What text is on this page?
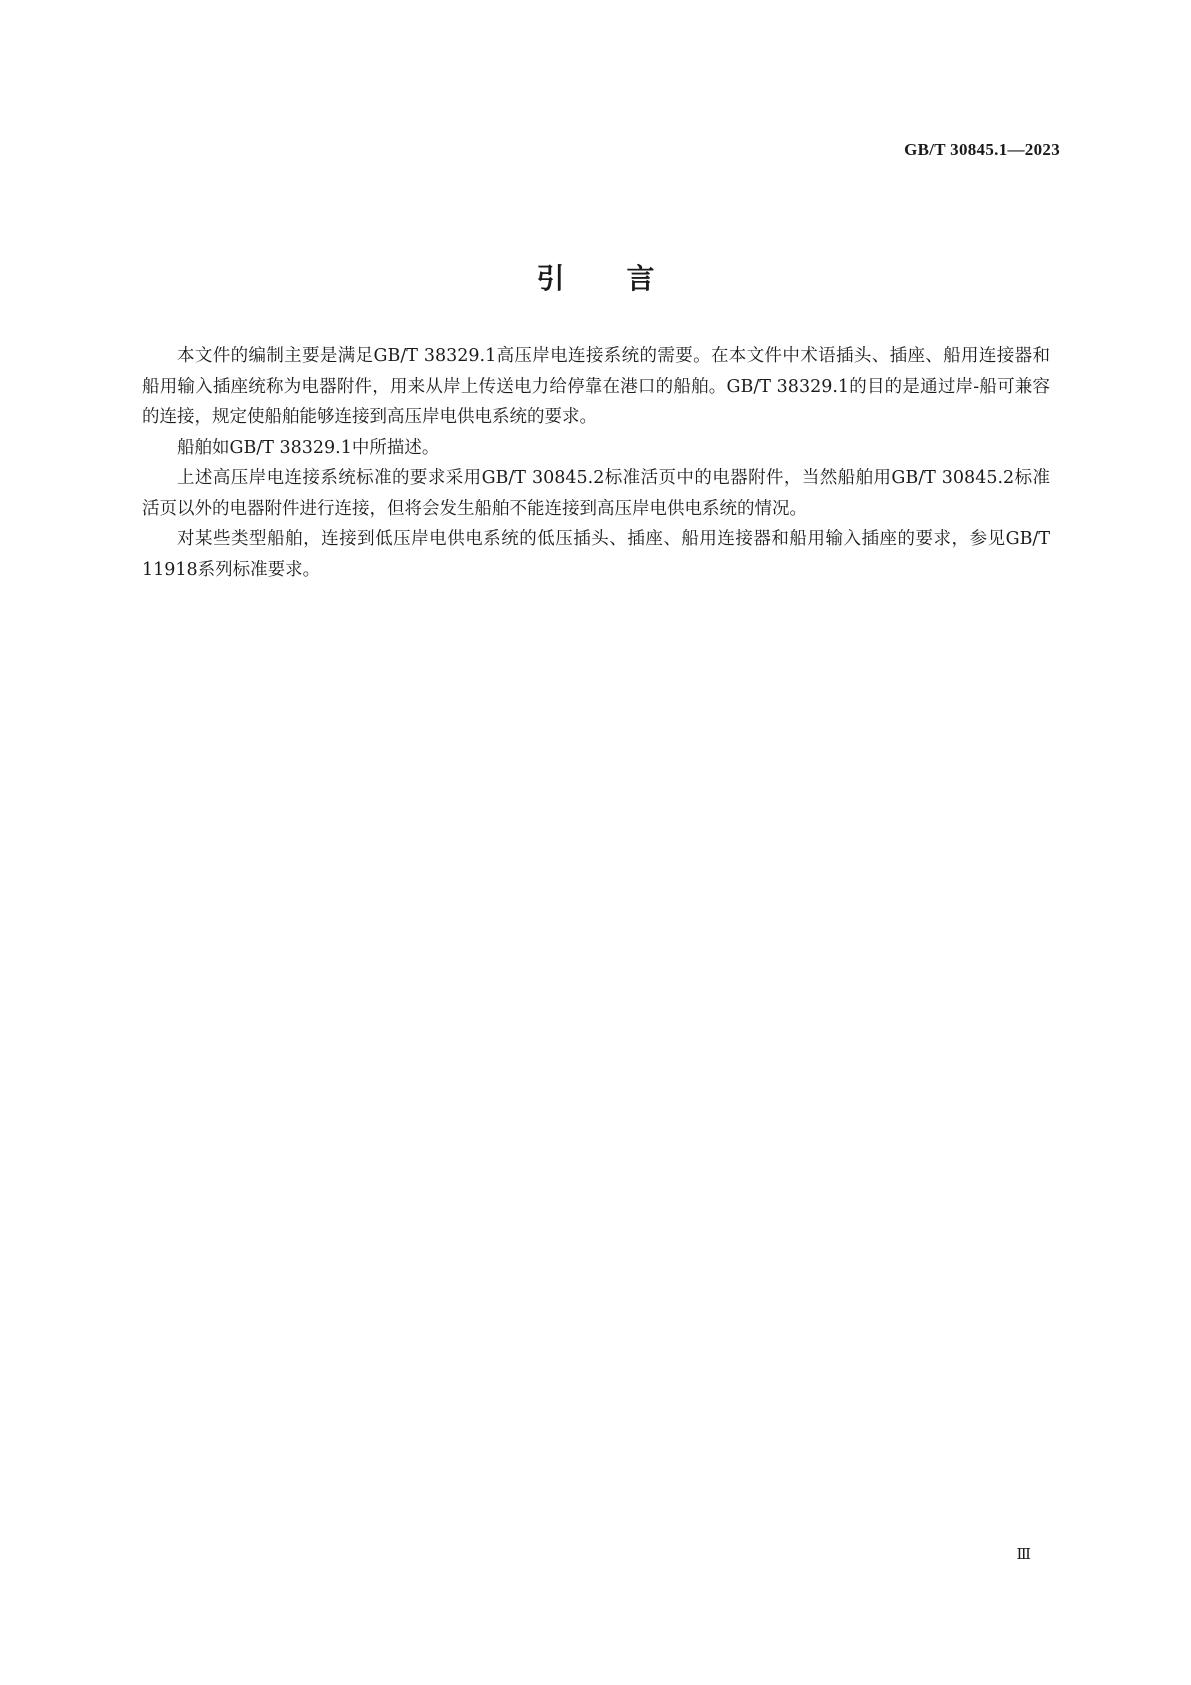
GB/T 30845.1—2023
引言

本文件的编制主要是满足GB/T 38329.1高压岸电连接系统的需要。在本文件中术语插头、插座、船用连接器和船用输入插座统称为电器附件，用来从岸上传送电力给停靠在港口的船舶。GB/T 38329.1的目的是通过岸-船可兼容的连接，规定使船舶能够连接到高压岸电供电系统的要求。

船舶如GB/T 38329.1中所描述。

上述高压岸电连接系统标准的要求采用GB/T 30845.2标准活页中的电器附件，当然船舶用GB/T 30845.2标准活页以外的电器附件进行连接，但将会发生船舶不能连接到高压岸电供电系统的情况。

对某些类型船舶，连接到低压岸电供电系统的低压插头、插座、船用连接器和船用输入插座的要求，参见GB/T 11918系列标准要求。

Ⅲ
